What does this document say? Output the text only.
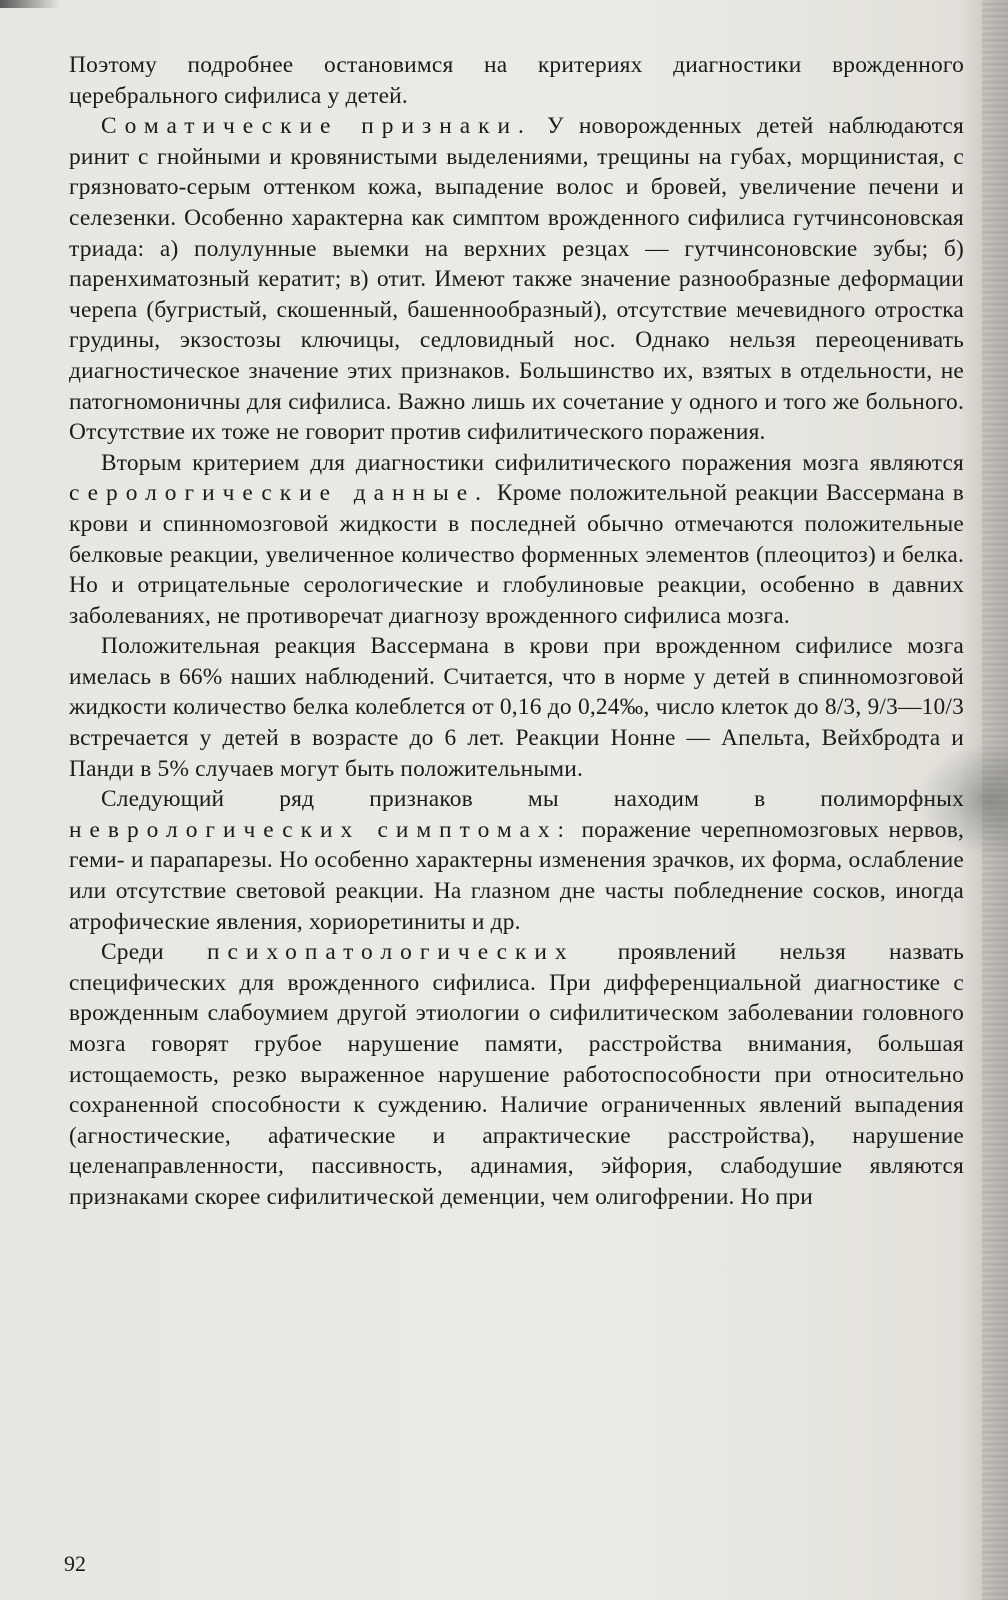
Поэтому подробнее остановимся на критериях диагностики врожденного церебрального сифилиса у детей.

Соматические признаки. У новорожденных детей наблюдаются ринит с гнойными и кровянистыми выделениями, трещины на губах, морщинистая, с грязновато-серым оттенком кожа, выпадение волос и бровей, увеличение печени и селезенки. Особенно характерна как симптом врожденного сифилиса гутчинсоновская триада: а) полулунные выемки на верхних резцах — гутчинсоновские зубы; б) паренхиматозный кератит; в) отит. Имеют также значение разнообразные деформации черепа (бугристый, скошенный, башеннообразный), отсутствие мечевидного отростка грудины, экзостозы ключицы, седловидный нос. Однако нельзя переоценивать диагностическое значение этих признаков. Большинство их, взятых в отдельности, не патогномоничны для сифилиса. Важно лишь их сочетание у одного и того же больного. Отсутствие их тоже не говорит против сифилитического поражения.

Вторым критерием для диагностики сифилитического поражения мозга являются серологические данные. Кроме положительной реакции Вассермана в крови и спинномозговой жидкости в последней обычно отмечаются положительные белковые реакции, увеличенное количество форменных элементов (плеоцитоз) и белка. Но и отрицательные серологические и глобулиновые реакции, особенно в давних заболеваниях, не противоречат диагнозу врожденного сифилиса мозга.

Положительная реакция Вассермана в крови при врожденном сифилисе мозга имелась в 66% наших наблюдений. Считается, что в норме у детей в спинномозговой жидкости количество белка колеблется от 0,16 до 0,24‰, число клеток до 8/3, 9/3—10/3 встречается у детей в возрасте до 6 лет. Реакции Нонне — Апельта, Вейхбродта и Панди в 5% случаев могут быть положительными.

Следующий ряд признаков мы находим в полиморфных неврологических симптомах: поражение черепномозговых нервов, геми- и парапарезы. Но особенно характерны изменения зрачков, их форма, ослабление или отсутствие световой реакции. На глазном дне часты побледнение сосков, иногда атрофические явления, хориоретиниты и др.

Среди психопатологических проявлений нельзя назвать специфических для врожденного сифилиса. При дифференциальной диагностике с врожденным слабоумием другой этиологии о сифилитическом заболевании головного мозга говорят грубое нарушение памяти, расстройства внимания, большая истощаемость, резко выраженное нарушение работоспособности при относительно сохраненной способности к суждению. Наличие ограниченных явлений выпадения (агностические, афатические и апрактические расстройства), нарушение целенаправленности, пассивность, адинамия, эйфория, слабодушие являются признаками скорее сифилитической деменции, чем олигофрении. Но при

92
